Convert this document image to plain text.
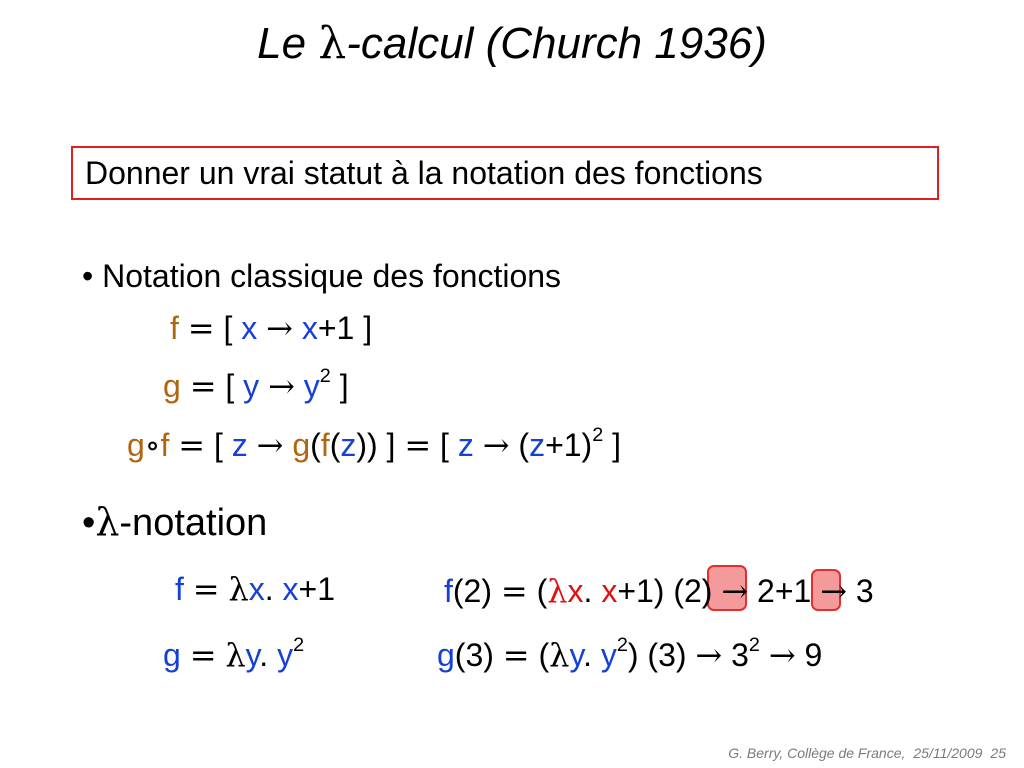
Le λ-calcul (Church 1936)
Donner un vrai statut à la notation des fonctions
• Notation classique des fonctions
f = [ x → x+1 ]
g = [ $y \to y^2$ ]
g∘f = [ z → g(f(z)) ] = [ $z \to (z+1)^2$ ]
•λ-notation
f = λx. x+1
g = λy. $y^2$
f(2) = (λx. x+1) (2) → 2+1 → 3
g(3) = (λy. $y^2$) $(3) \to 3^2 \to 9$
G. Berry, Collège de France, 25/11/2009 25
